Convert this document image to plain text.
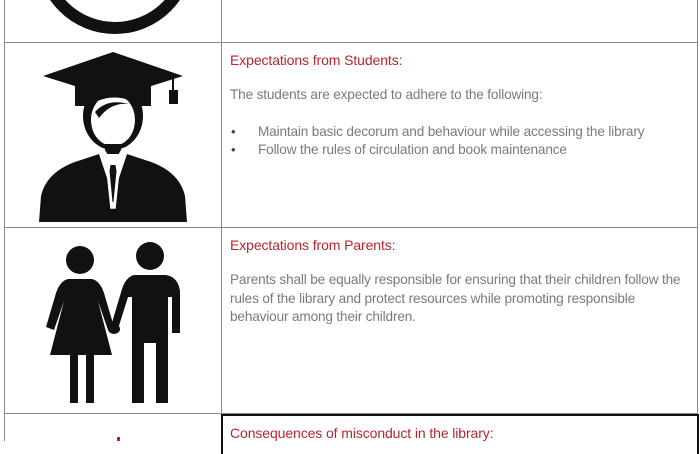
Expectations from Students:
The students are expected to adhere to the following:
• Maintain basic decorum and behaviour while accessing the library
• Follow the rules of circulation and book maintenance
Expectations from Parents:
Parents shall be equally responsible for ensuring that their children follow the rules of the library and protect resources while promoting responsible behaviour among their children.
Consequences of misconduct in the library:
